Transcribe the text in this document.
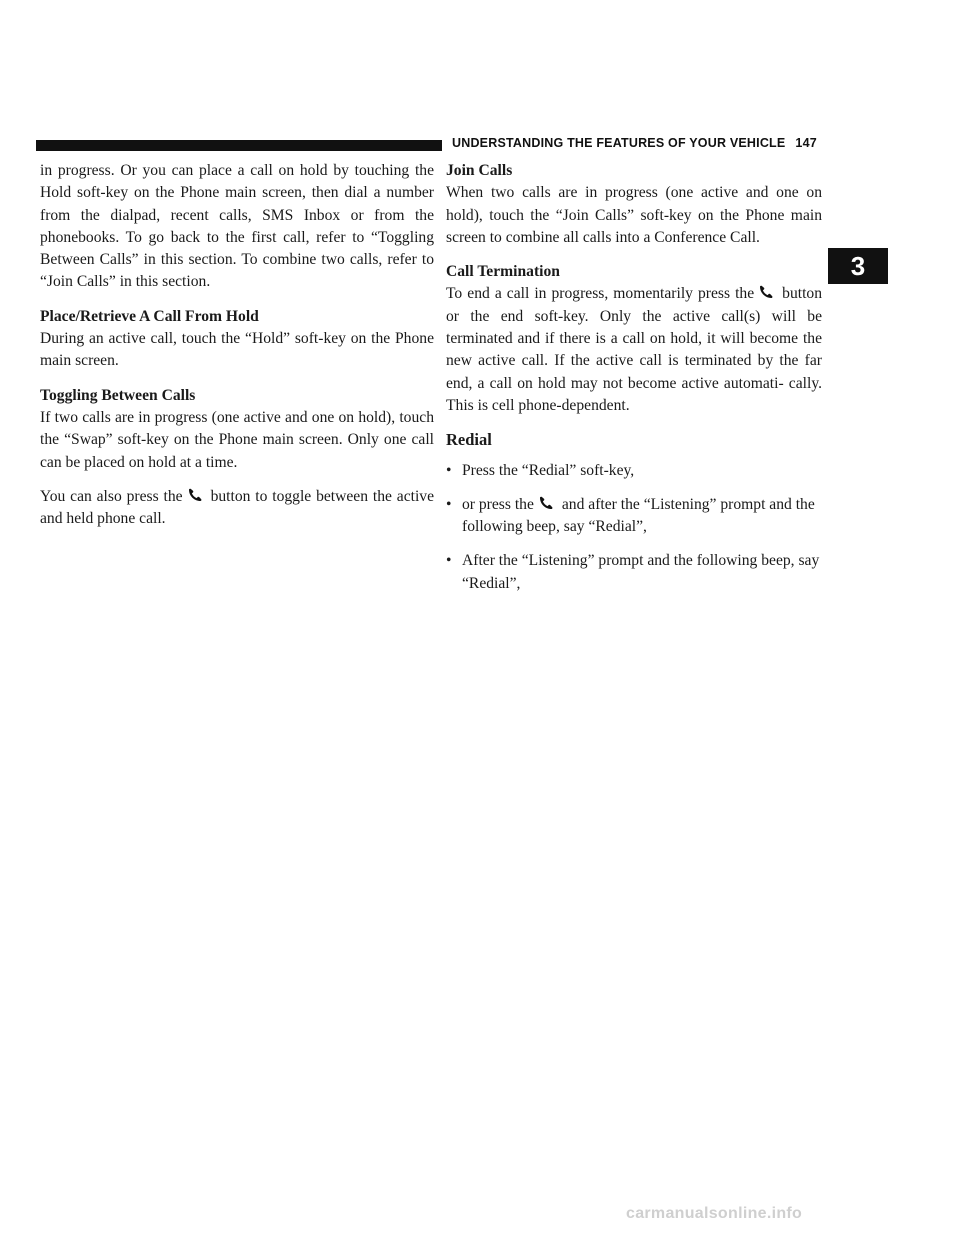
UNDERSTANDING THE FEATURES OF YOUR VEHICLE 147
3

in progress. Or you can place a call on hold by touching the Hold soft-key on the Phone main screen, then dial a number from the dialpad, recent calls, SMS Inbox or from the phonebooks. To go back to the first call, refer to “Toggling Between Calls” in this section. To combine two calls, refer to “Join Calls” in this section.

Place/Retrieve A Call From Hold

During an active call, touch the “Hold” soft-key on the Phone main screen.

Toggling Between Calls

If two calls are in progress (one active and one on hold), touch the “Swap” soft-key on the Phone main screen. Only one call can be placed on hold at a time.

You can also press the button to toggle between the active and held phone call.

Join Calls

When two calls are in progress (one active and one on hold), touch the “Join Calls” soft-key on the Phone main screen to combine all calls into a Conference Call.

Call Termination

To end a call in progress, momentarily press the button or the end soft-key. Only the active call(s) will be terminated and if there is a call on hold, it will become the new active call. If the active call is terminated by the far end, a call on hold may not become active automati- cally. This is cell phone-dependent.

Redial

• Press the “Redial” soft-key,
• or press the and after the “Listening” prompt and the following beep, say “Redial”,
• After the “Listening” prompt and the following beep, say “Redial”,
carmanualsonline.info
